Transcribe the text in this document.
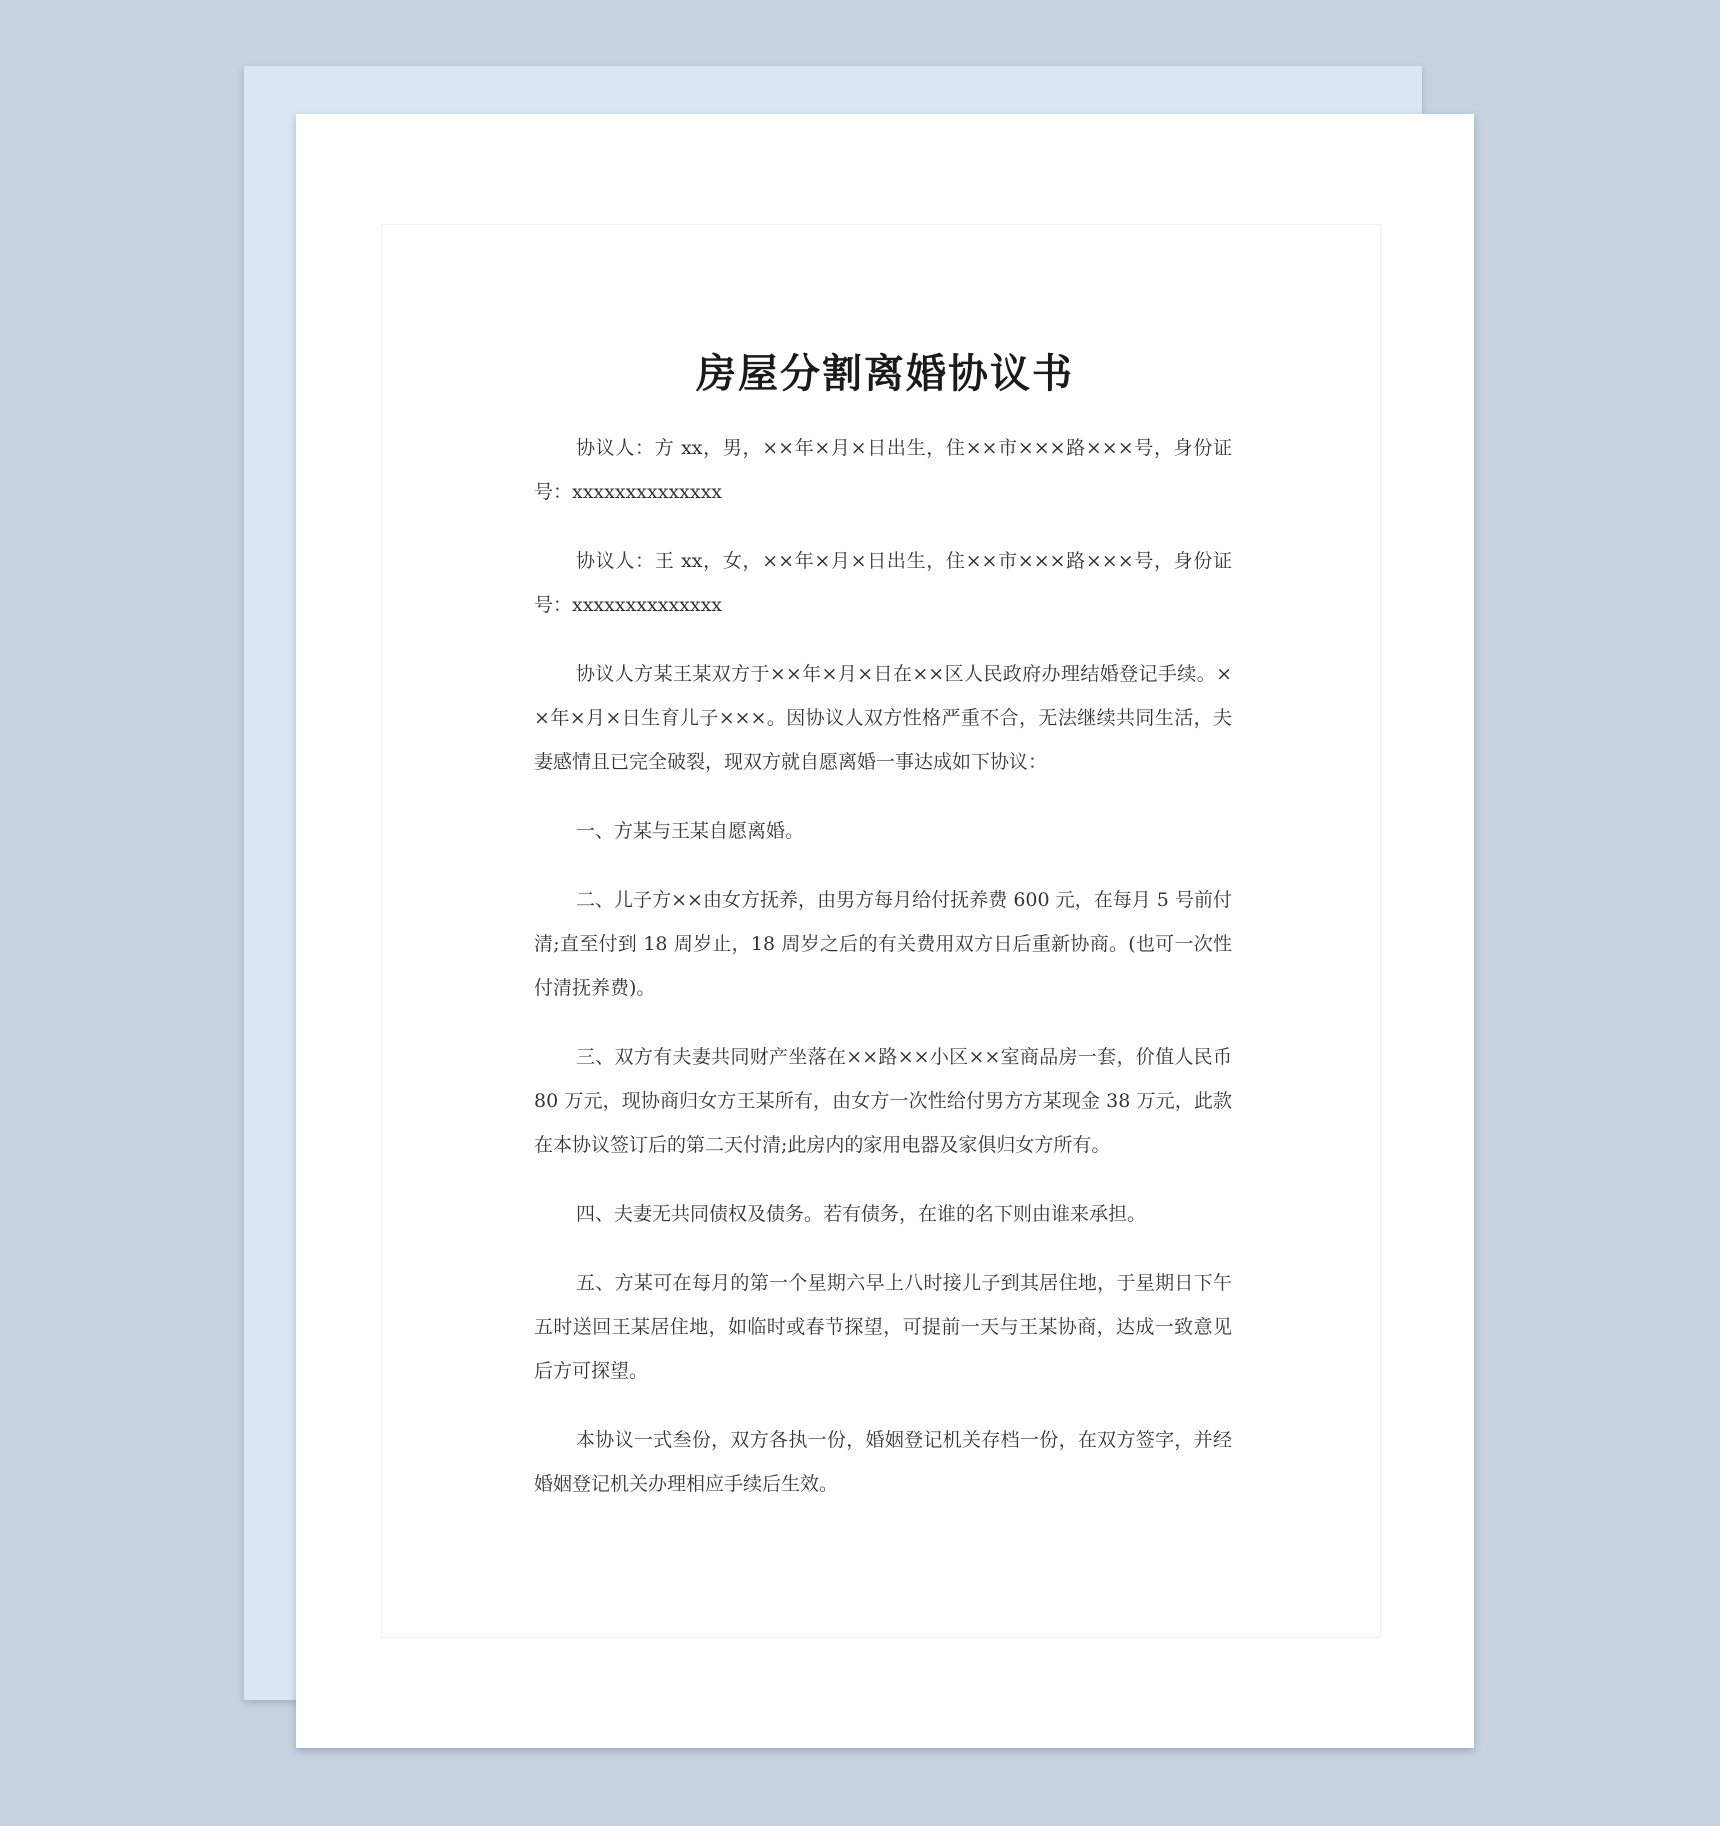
房屋分割离婚协议书

协议人：方 xx，男，××年×月×日出生，住××市×××路×××号，身份证号：xxxxxxxxxxxxxx

协议人：王 xx，女，××年×月×日出生，住××市×××路×××号，身份证号：xxxxxxxxxxxxxx

协议人方某王某双方于××年×月×日在××区人民政府办理结婚登记手续。××年×月×日生育儿子×××。因协议人双方性格严重不合，无法继续共同生活，夫妻感情且已完全破裂，现双方就自愿离婚一事达成如下协议：

一、方某与王某自愿离婚。

二、儿子方××由女方抚养，由男方每月给付抚养费 600 元，在每月 5 号前付清;直至付到 18 周岁止，18 周岁之后的有关费用双方日后重新协商。(也可一次性付清抚养费)。

三、双方有夫妻共同财产坐落在××路××小区××室商品房一套，价值人民币 80 万元，现协商归女方王某所有，由女方一次性给付男方方某现金 38 万元，此款在本协议签订后的第二天付清;此房内的家用电器及家俱归女方所有。

四、夫妻无共同债权及债务。若有债务，在谁的名下则由谁来承担。

五、方某可在每月的第一个星期六早上八时接儿子到其居住地，于星期日下午五时送回王某居住地，如临时或春节探望，可提前一天与王某协商，达成一致意见后方可探望。

本协议一式叁份，双方各执一份，婚姻登记机关存档一份，在双方签字，并经婚姻登记机关办理相应手续后生效。
